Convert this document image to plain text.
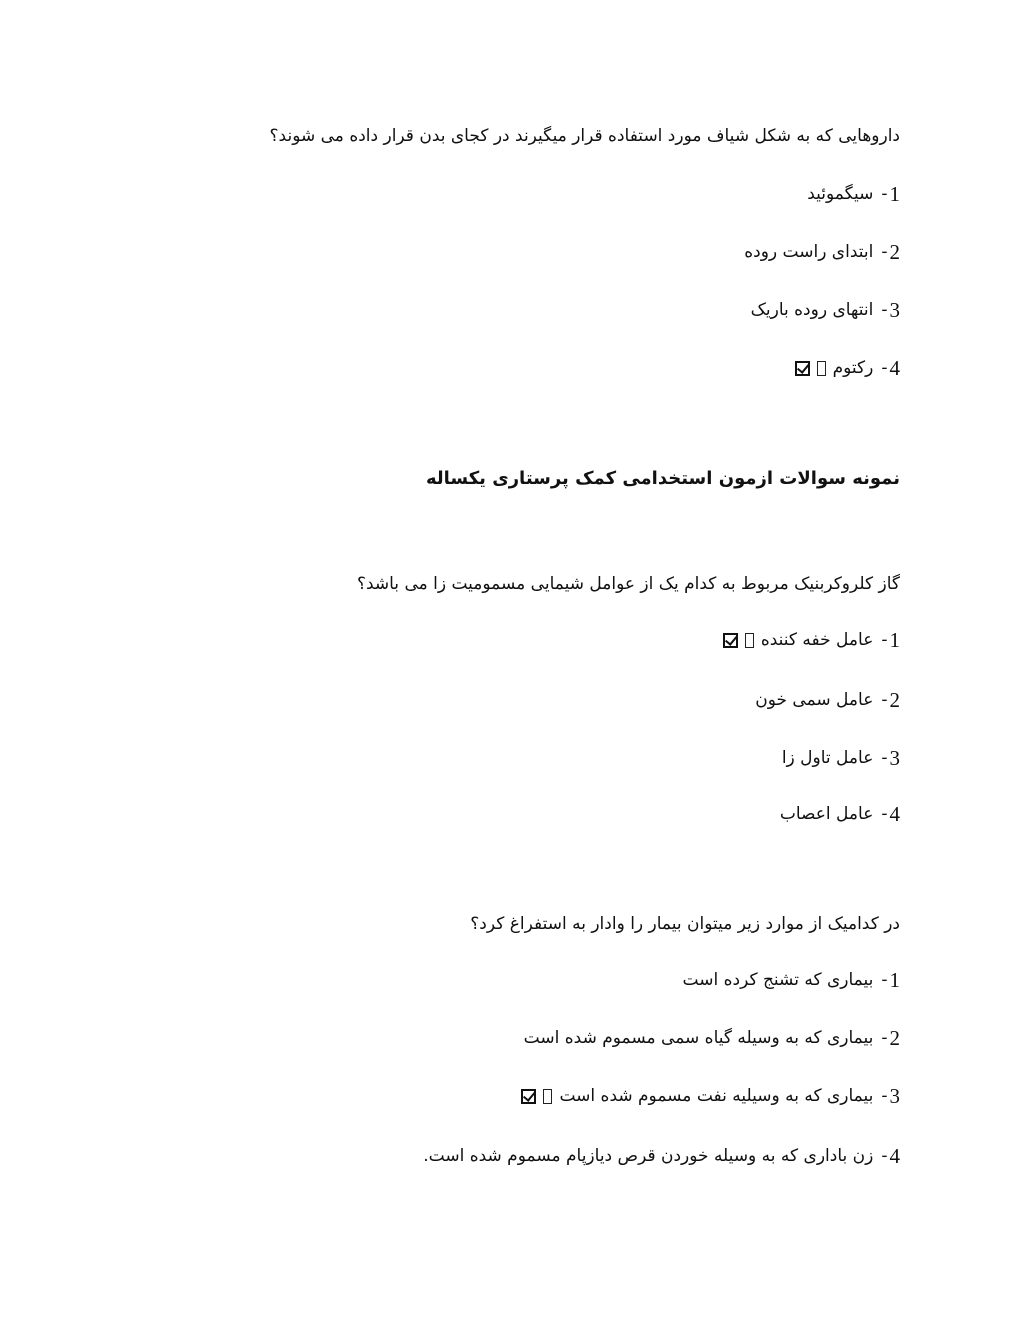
داروهایی که به شکل شیاف مورد استفاده قرار میگیرند در کجای بدن قرار داده می شوند؟
1
-
سیگموئید
2
-
ابتدای راست روده
3
-
انتهای روده باریک
4
-
رکتوم
نمونه سوالات ازمون استخدامی کمک پرستاری یکساله
گاز کلروکربنیک مربوط به کدام یک از عوامل شیمایی مسمومیت زا می باشد؟
1
-
عامل خفه کننده
2
-
عامل سمی خون
3
-
عامل تاول زا
4
-
عامل اعصاب
در کدامیک از موارد زیر میتوان بیمار را وادار به استفراغ کرد؟
1
-
بیماری که تشنج کرده است
2
-
بیماری که به وسیله گیاه سمی مسموم شده است
3
-
بیماری که به وسیلیه نفت مسموم شده است
4
-
زن باداری که به وسیله خوردن قرص دیازپام مسموم شده است.
